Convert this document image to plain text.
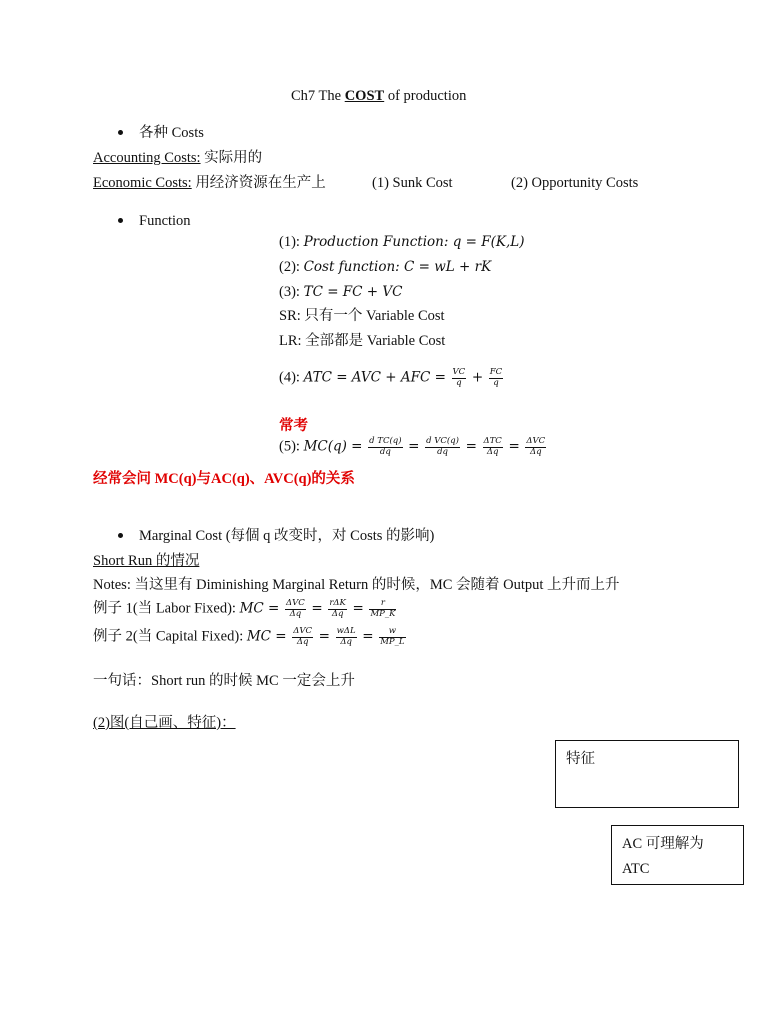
Ch7 The COST of production
各种 Costs
Accounting Costs: 实际用的
Economic Costs: 用经济资源在生产上	(1) Sunk Cost	(2) Opportunity Costs
Function
(1): Production Function: q = F(K,L)
(2): Cost function: C = wL + rK
(3): TC = FC + VC
SR: 只有一个 Variable Cost
LR: 全部都是 Variable Cost
(4): ATC = AVC + AFC = $\frac{VC}{q} + \frac{FC}{q}$
常考
(5): $MC(q) = \frac{\text{d TC(q)}}{dq} = \frac{\text{d VC(q)}}{dq} = \frac{\text{ΔTC}}{\Delta q} = \frac{\text{ΔVC}}{\Delta q}$
经常会问 MC(q)与AC(q)、AVC(q)的关系
Marginal Cost (每個 q 改变时，对 Costs 的影响)
Short Run 的情况
Notes: 当这里有 Diminishing Marginal Return 的时候，MC 会随着 Output 上升而上升
例子 1(当 Labor Fixed): MC = $\frac{\text{ΔVC}}{\Delta q} = \frac{\text{rΔK}}{\Delta q} = \frac{r}{MP\_K}$
例子 2(当 Capital Fixed): MC = $\frac{\text{ΔVC}}{\Delta q} = \frac{\text{wΔL}}{\Delta q} = \frac{w}{MP\_L}$
一句话：Short run 的时候 MC 一定会上升
(2)图(自己画、特征)：
特征
AC 可理解为
ATC
